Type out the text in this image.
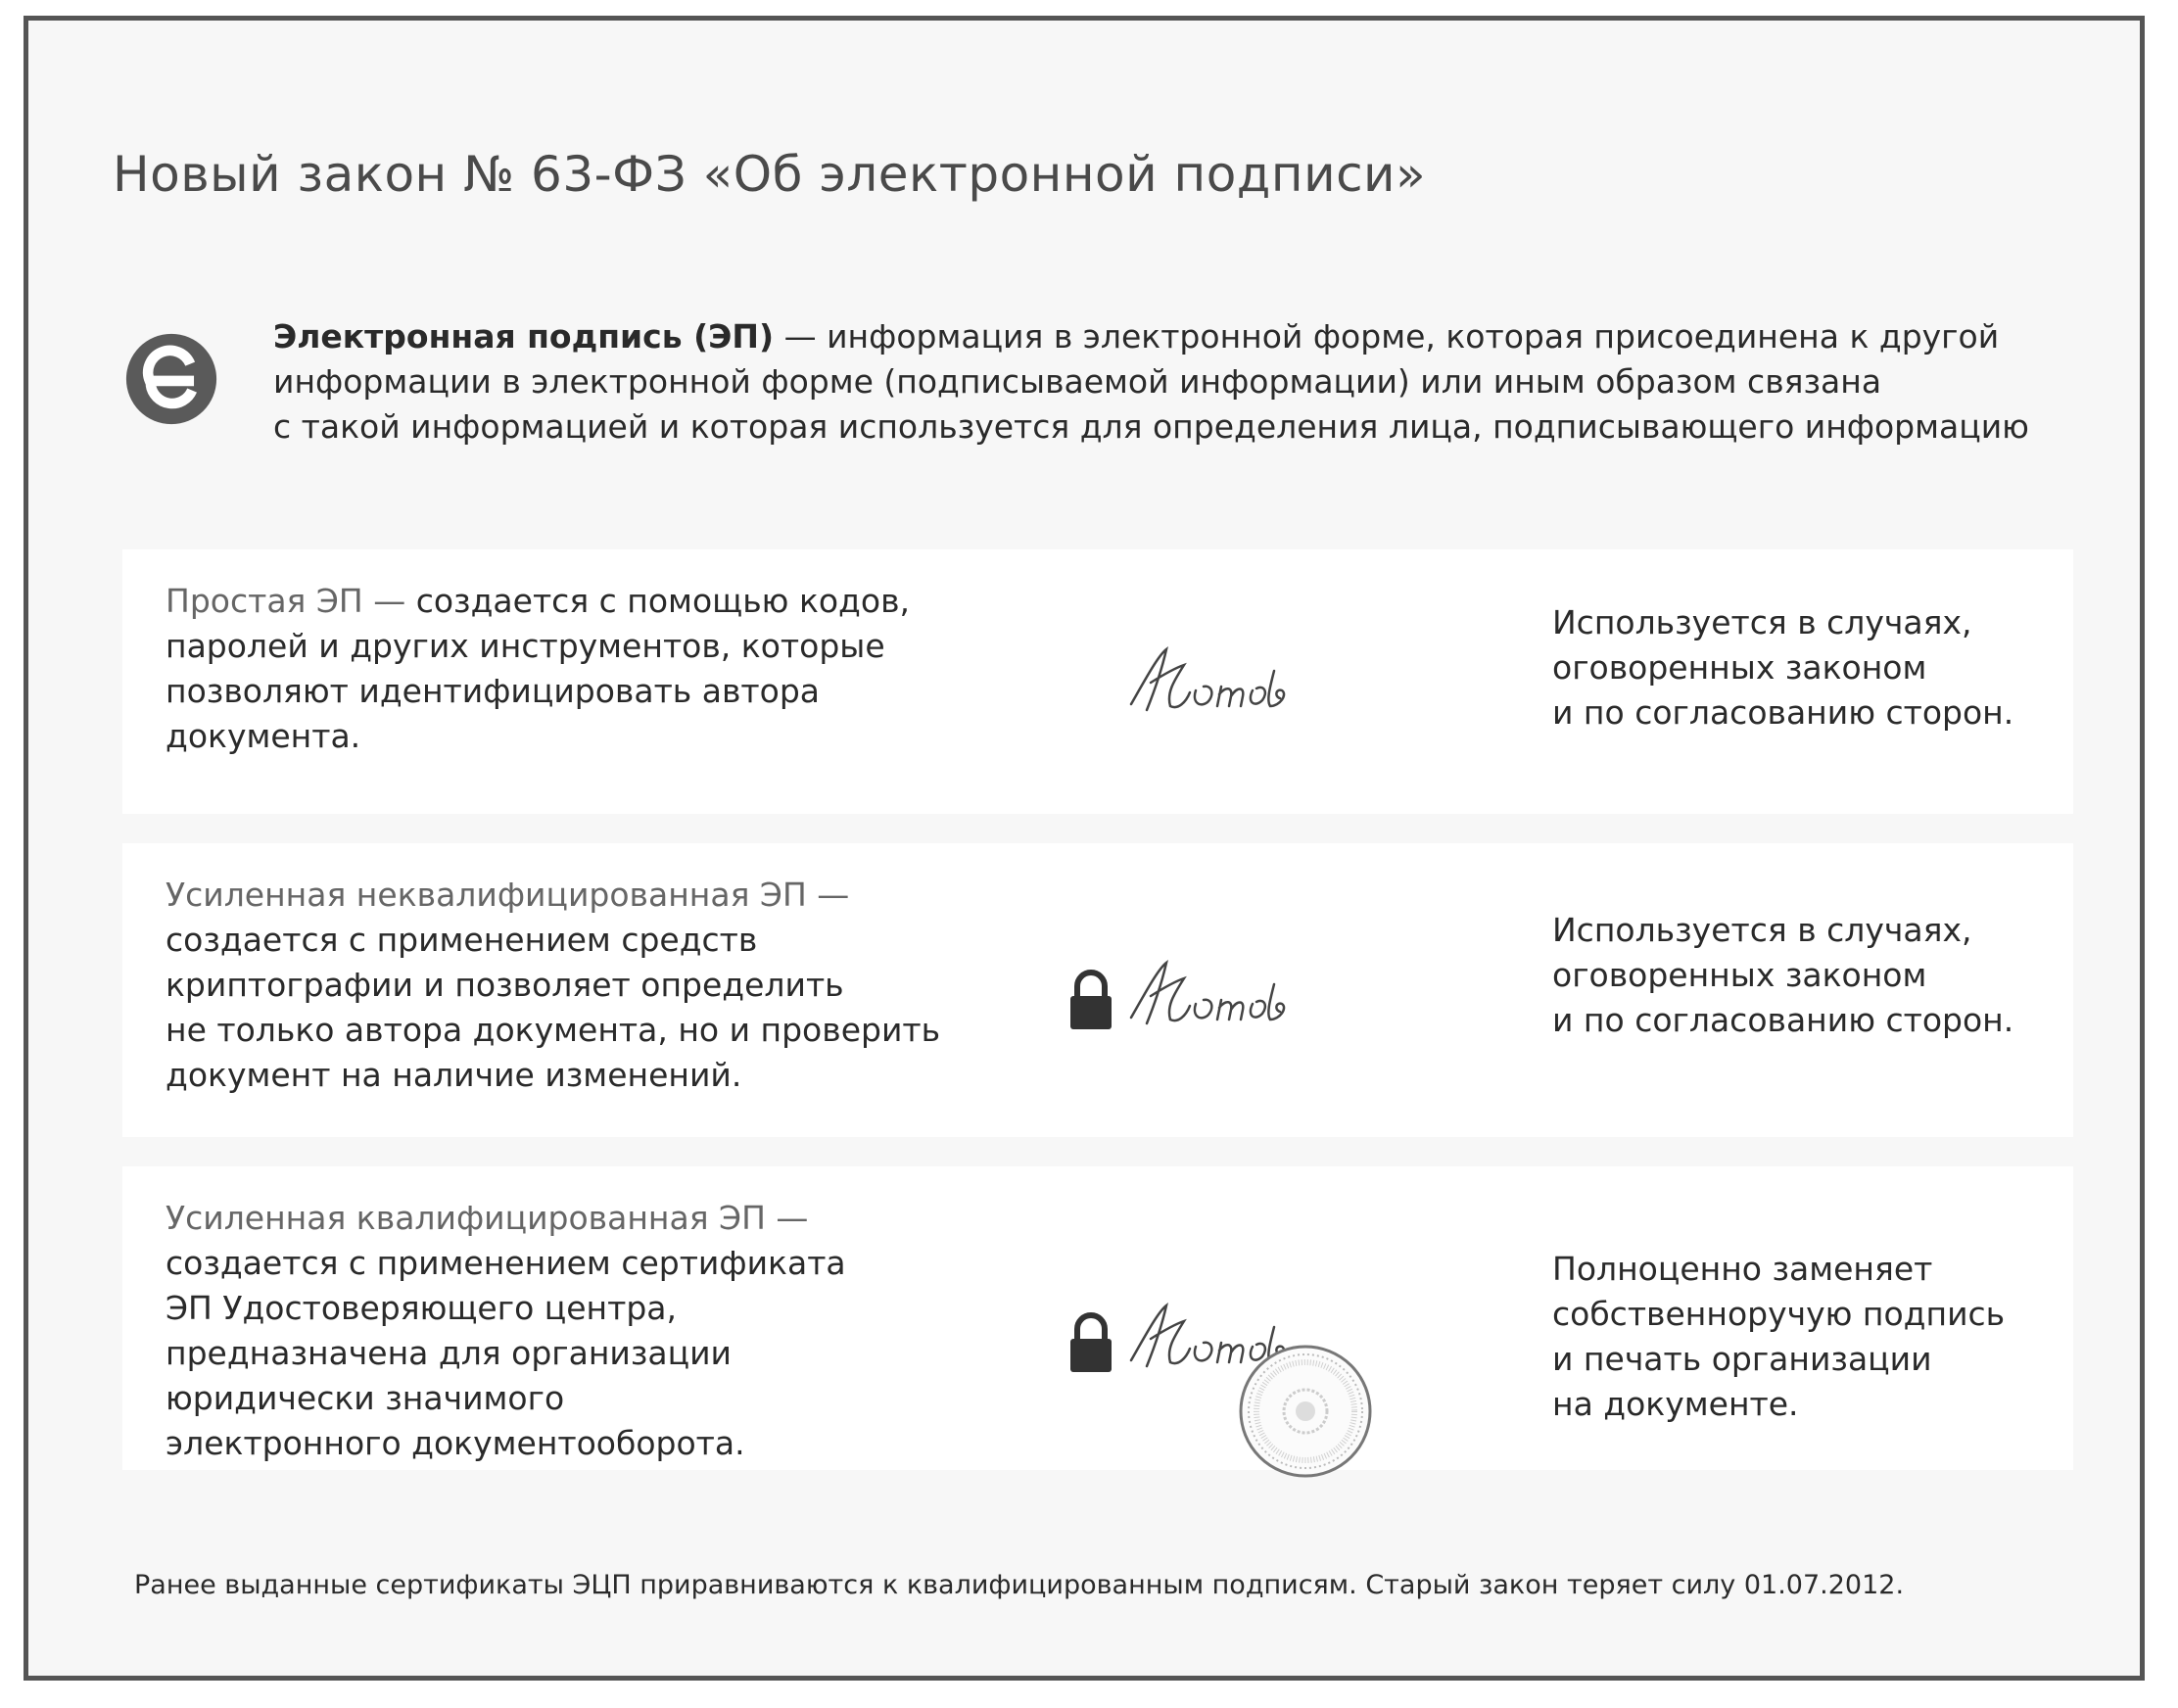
Новый закон № 63-ФЗ «Об электронной подписи»
Электронная подпись (ЭП) — информация в электронной форме, которая присоединена к другой
информации в электронной форме (подписываемой информации) или иным образом связана
с такой информацией и которая используется для определения лица, подписывающего информацию
Простая ЭП — создается с помощью кодов,
паролей и других инструментов, которые
позволяют идентифицировать автора
документа.
Используется в случаях,
оговоренных законом
и по согласованию сторон.
Усиленная неквалифицированная ЭП —
создается с применением средств
криптографии и позволяет определить
не только автора документа, но и проверить
документ на наличие изменений.
Используется в случаях,
оговоренных законом
и по согласованию сторон.
Усиленная квалифицированная ЭП —
создается с применением сертификата
ЭП Удостоверяющего центра,
предназначена для организации
юридически значимого
электронного документооборота.
Полноценно заменяет
собственноручую подпись
и печать организации
на документе.
Ранее выданные сертификаты ЭЦП приравниваются к квалифицированным подписям. Старый закон теряет силу 01.07.2012.
